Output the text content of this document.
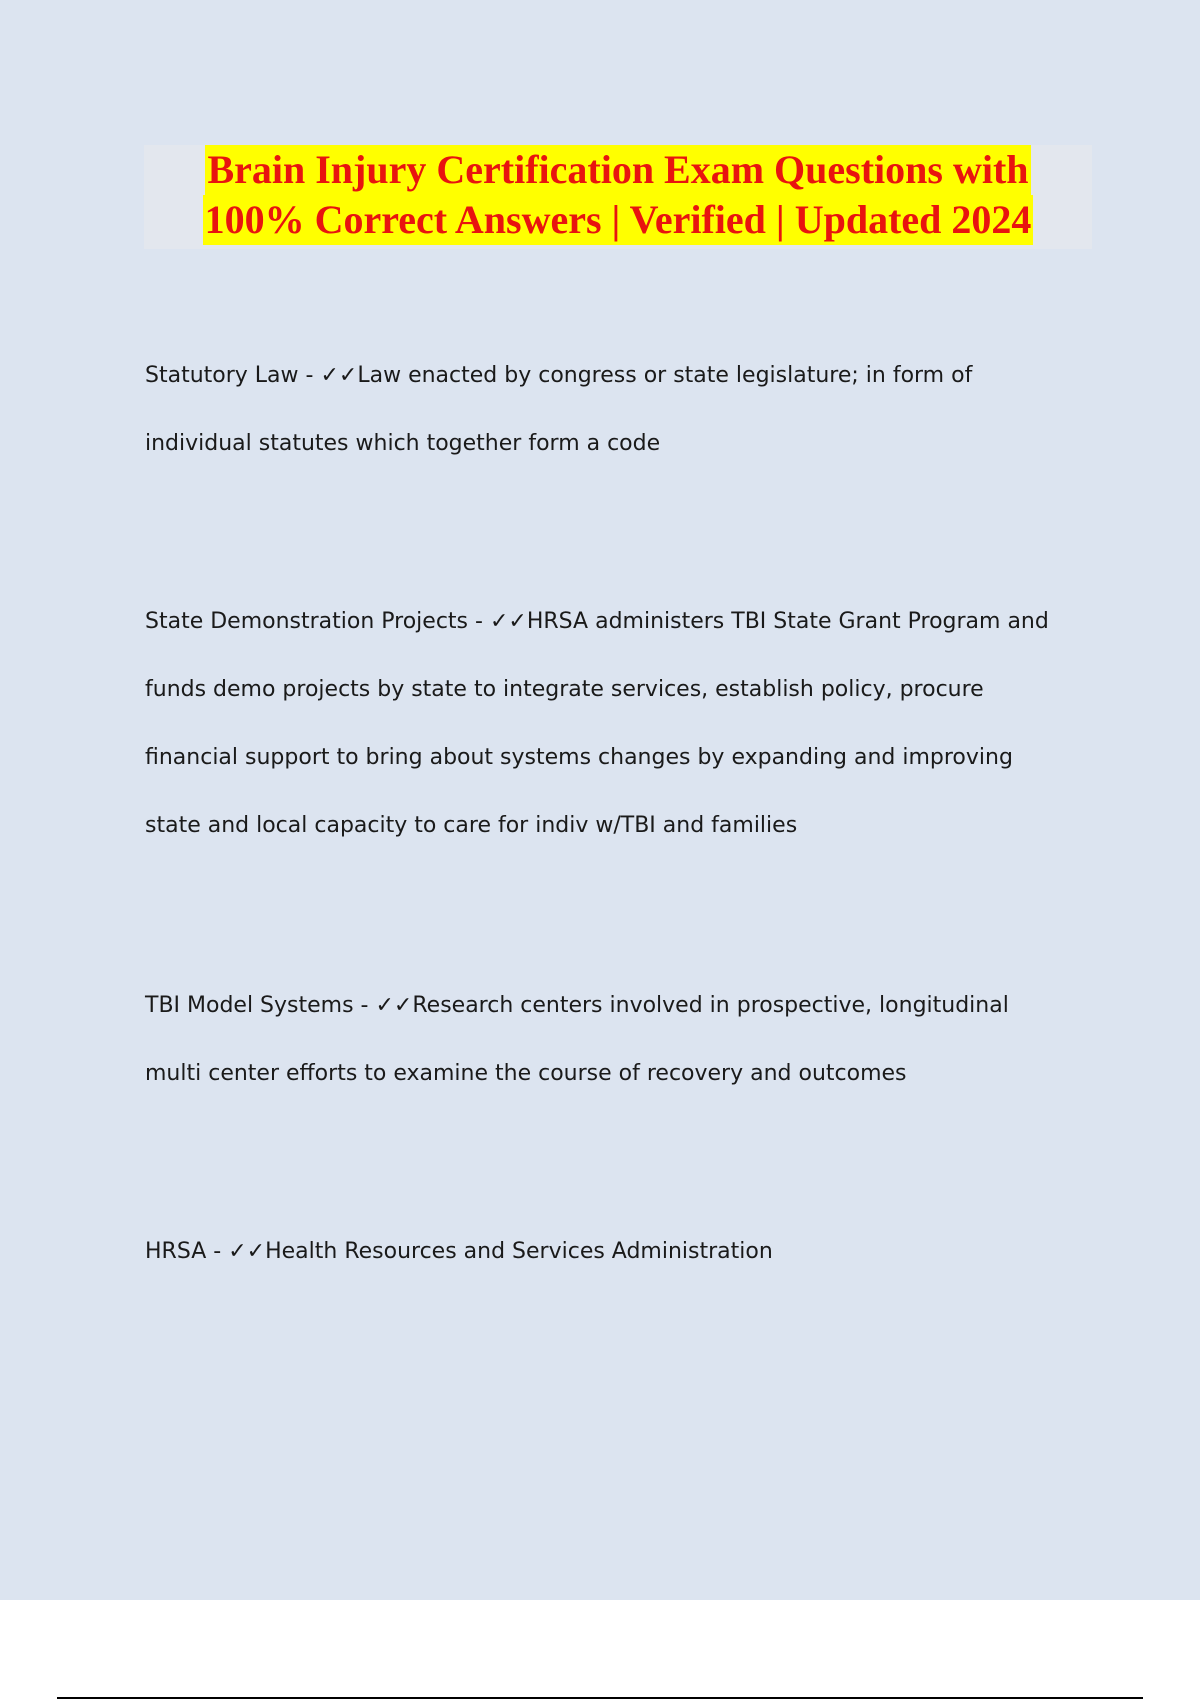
Brain Injury Certification Exam Questions with
100% Correct Answers | Verified | Updated 2024
Statutory Law - ✓✓Law enacted by congress or state legislature; in form of
individual statutes which together form a code
State Demonstration Projects - ✓✓HRSA administers TBI State Grant Program and
funds demo projects by state to integrate services, establish policy, procure
financial support to bring about systems changes by expanding and improving
state and local capacity to care for indiv w/TBI and families
TBI Model Systems - ✓✓Research centers involved in prospective, longitudinal
multi center efforts to examine the course of recovery and outcomes
HRSA - ✓✓Health Resources and Services Administration
